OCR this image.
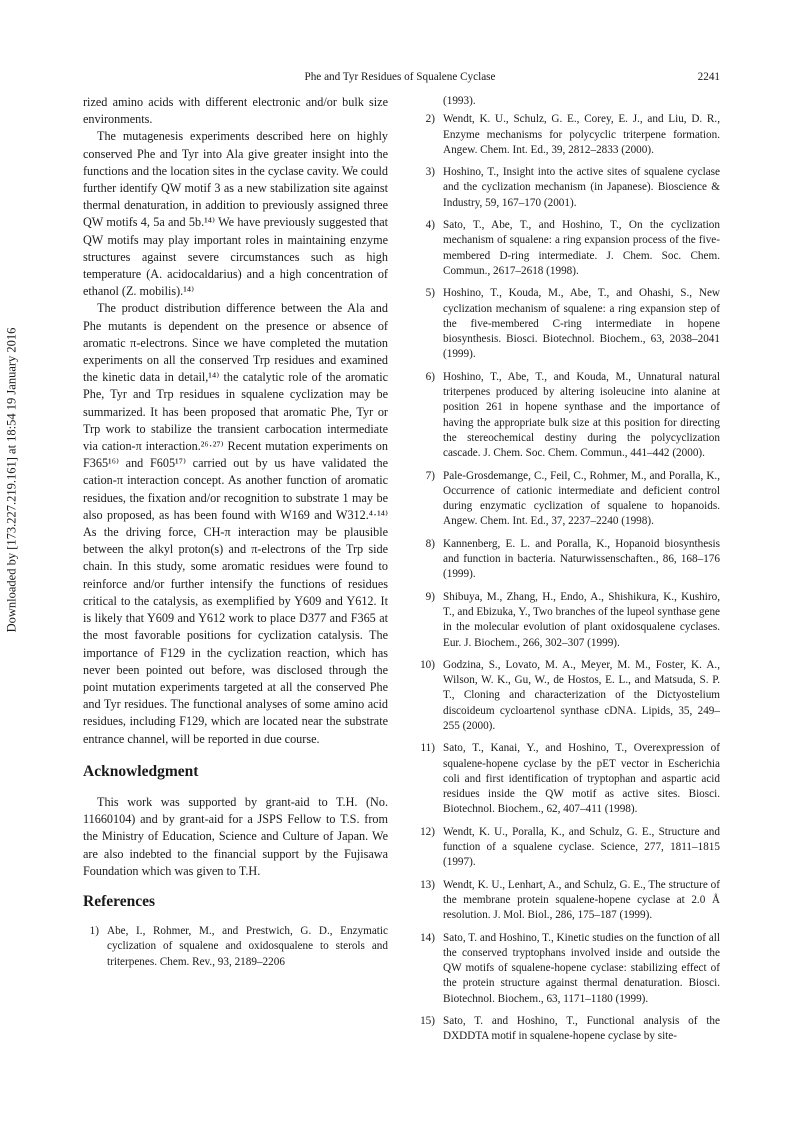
Phe and Tyr Residues of Squalene Cyclase	2241
Downloaded by [173.227.219.161] at 18:54 19 January 2016

rized amino acids with different electronic and/or bulk size environments.

The mutagenesis experiments described here on highly conserved Phe and Tyr into Ala give greater insight into the functions and the location sites in the cyclase cavity. We could further identify QW motif 3 as a new stabilization site against thermal denaturation, in addition to previously assigned three QW motifs 4, 5a and 5b.¹⁴⁾ We have previously suggested that QW motifs may play important roles in maintaining enzyme structures against severe circumstances such as high temperature (A. acidocaldarius) and a high concentration of ethanol (Z. mobilis).¹⁴⁾

The product distribution difference between the Ala and Phe mutants is dependent on the presence or absence of aromatic π-electrons. Since we have completed the mutation experiments on all the conserved Trp residues and examined the kinetic data in detail,¹⁴⁾ the catalytic role of the aromatic Phe, Tyr and Trp residues in squalene cyclization may be summarized. It has been proposed that aromatic Phe, Tyr or Trp work to stabilize the transient carbocation intermediate via cation-π interaction.²⁶·²⁷⁾ Recent mutation experiments on F365¹⁶⁾ and F605¹⁷⁾ carried out by us have validated the cation-π interaction concept. As another function of aromatic residues, the fixation and/or recognition to substrate 1 may be also proposed, as has been found with W169 and W312.⁴·¹⁴⁾ As the driving force, CH-π interaction may be plausible between the alkyl proton(s) and π-electrons of the Trp side chain. In this study, some aromatic residues were found to reinforce and/or further intensify the functions of residues critical to the catalysis, as exemplified by Y609 and Y612. It is likely that Y609 and Y612 work to place D377 and F365 at the most favorable positions for cyclization catalysis. The importance of F129 in the cyclization reaction, which has never been pointed out before, was disclosed through the point mutation experiments targeted at all the conserved Phe and Tyr residues. The functional analyses of some amino acid residues, including F129, which are located near the substrate entrance channel, will be reported in due course.

Acknowledgment

This work was supported by grant-aid to T.H. (No. 11660104) and by grant-aid for a JSPS Fellow to T.S. from the Ministry of Education, Science and Culture of Japan. We are also indebted to the financial support by the Fujisawa Foundation which was given to T.H.

References
1) Abe, I., Rohmer, M., and Prestwich, G. D., Enzymatic cyclization of squalene and oxidosqualene to sterols and triterpenes. Chem. Rev., 93, 2189–2206
(1993).
2) Wendt, K. U., Schulz, G. E., Corey, E. J., and Liu, D. R., Enzyme mechanisms for polycyclic triterpene formation. Angew. Chem. Int. Ed., 39, 2812–2833 (2000).
3) Hoshino, T., Insight into the active sites of squalene cyclase and the cyclization mechanism (in Japanese). Bioscience & Industry, 59, 167–170 (2001).
4) Sato, T., Abe, T., and Hoshino, T., On the cyclization mechanism of squalene: a ring expansion process of the five-membered D-ring intermediate. J. Chem. Soc. Chem. Commun., 2617–2618 (1998).
5) Hoshino, T., Kouda, M., Abe, T., and Ohashi, S., New cyclization mechanism of squalene: a ring expansion step of the five-membered C-ring intermediate in hopene biosynthesis. Biosci. Biotechnol. Biochem., 63, 2038–2041 (1999).
6) Hoshino, T., Abe, T., and Kouda, M., Unnatural natural triterpenes produced by altering isoleucine into alanine at position 261 in hopene synthase and the importance of having the appropriate bulk size at this position for directing the stereochemical destiny during the polycyclization cascade. J. Chem. Soc. Chem. Commun., 441–442 (2000).
7) Pale-Grosdemange, C., Feil, C., Rohmer, M., and Poralla, K., Occurrence of cationic intermediate and deficient control during enzymatic cyclization of squalene to hopanoids. Angew. Chem. Int. Ed., 37, 2237–2240 (1998).
8) Kannenberg, E. L. and Poralla, K., Hopanoid biosynthesis and function in bacteria. Naturwissenschaften., 86, 168–176 (1999).
9) Shibuya, M., Zhang, H., Endo, A., Shishikura, K., Kushiro, T., and Ebizuka, Y., Two branches of the lupeol synthase gene in the molecular evolution of plant oxidosqualene cyclases. Eur. J. Biochem., 266, 302–307 (1999).
10) Godzina, S., Lovato, M. A., Meyer, M. M., Foster, K. A., Wilson, W. K., Gu, W., de Hostos, E. L., and Matsuda, S. P. T., Cloning and characterization of the Dictyostelium discoideum cycloartenol synthase cDNA. Lipids, 35, 249–255 (2000).
11) Sato, T., Kanai, Y., and Hoshino, T., Overexpression of squalene-hopene cyclase by the pET vector in Escherichia coli and first identification of tryptophan and aspartic acid residues inside the QW motif as active sites. Biosci. Biotechnol. Biochem., 62, 407–411 (1998).
12) Wendt, K. U., Poralla, K., and Schulz, G. E., Structure and function of a squalene cyclase. Science, 277, 1811–1815 (1997).
13) Wendt, K. U., Lenhart, A., and Schulz, G. E., The structure of the membrane protein squalene-hopene cyclase at 2.0 Å resolution. J. Mol. Biol., 286, 175–187 (1999).
14) Sato, T. and Hoshino, T., Kinetic studies on the function of all the conserved tryptophans involved inside and outside the QW motifs of squalene-hopene cyclase: stabilizing effect of the protein structure against thermal denaturation. Biosci. Biotechnol. Biochem., 63, 1171–1180 (1999).
15) Sato, T. and Hoshino, T., Functional analysis of the DXDDTA motif in squalene-hopene cyclase by site-
